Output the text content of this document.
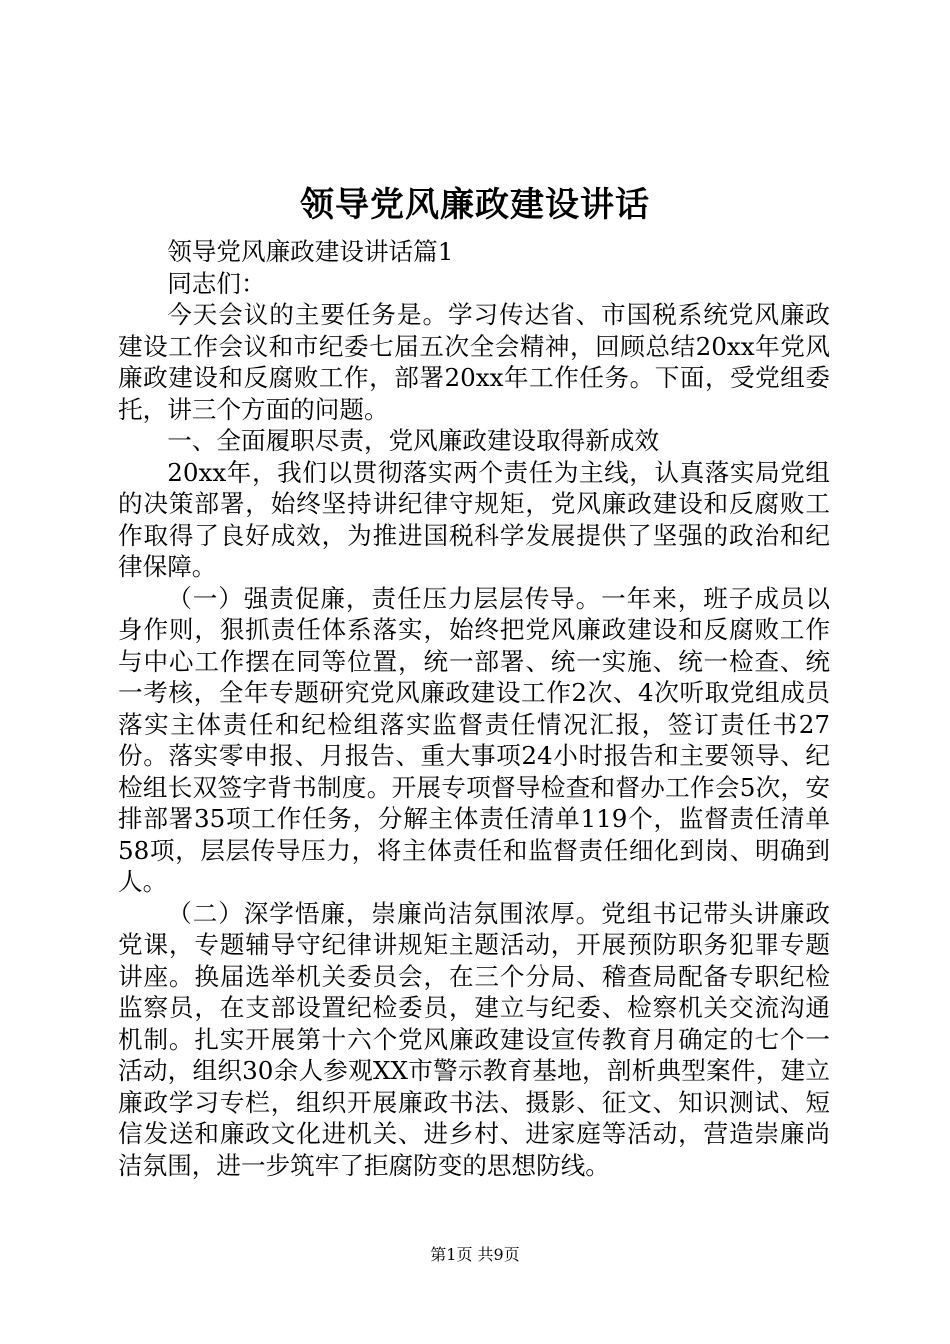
领导党风廉政建设讲话

领导党风廉政建设讲话篇1

同志们：

今天会议的主要任务是。学习传达省、市国税系统党风廉政建设工作会议和市纪委七届五次全会精神，回顾总结20xx年党风廉政建设和反腐败工作，部署20xx年工作任务。下面，受党组委托，讲三个方面的问题。

一、全面履职尽责，党风廉政建设取得新成效

20xx年，我们以贯彻落实两个责任为主线，认真落实局党组的决策部署，始终坚持讲纪律守规矩，党风廉政建设和反腐败工作取得了良好成效，为推进国税科学发展提供了坚强的政治和纪律保障。

（一）强责促廉，责任压力层层传导。一年来，班子成员以身作则，狠抓责任体系落实，始终把党风廉政建设和反腐败工作与中心工作摆在同等位置，统一部署、统一实施、统一检查、统一考核，全年专题研究党风廉政建设工作2次、4次听取党组成员落实主体责任和纪检组落实监督责任情况汇报，签订责任书27份。落实零申报、月报告、重大事项24小时报告和主要领导、纪检组长双签字背书制度。开展专项督导检查和督办工作会5次，安排部署35项工作任务，分解主体责任清单119个，监督责任清单58项，层层传导压力，将主体责任和监督责任细化到岗、明确到人。

（二）深学悟廉，崇廉尚洁氛围浓厚。党组书记带头讲廉政党课，专题辅导守纪律讲规矩主题活动，开展预防职务犯罪专题讲座。换届选举机关委员会，在三个分局、稽查局配备专职纪检监察员，在支部设置纪检委员，建立与纪委、检察机关交流沟通机制。扎实开展第十六个党风廉政建设宣传教育月确定的七个一活动，组织30余人参观XX市警示教育基地，剖析典型案件，建立廉政学习专栏，组织开展廉政书法、摄影、征文、知识测试、短信发送和廉政文化进机关、进乡村、进家庭等活动，营造崇廉尚洁氛围，进一步筑牢了拒腐防变的思想防线。

第1页 共9页
